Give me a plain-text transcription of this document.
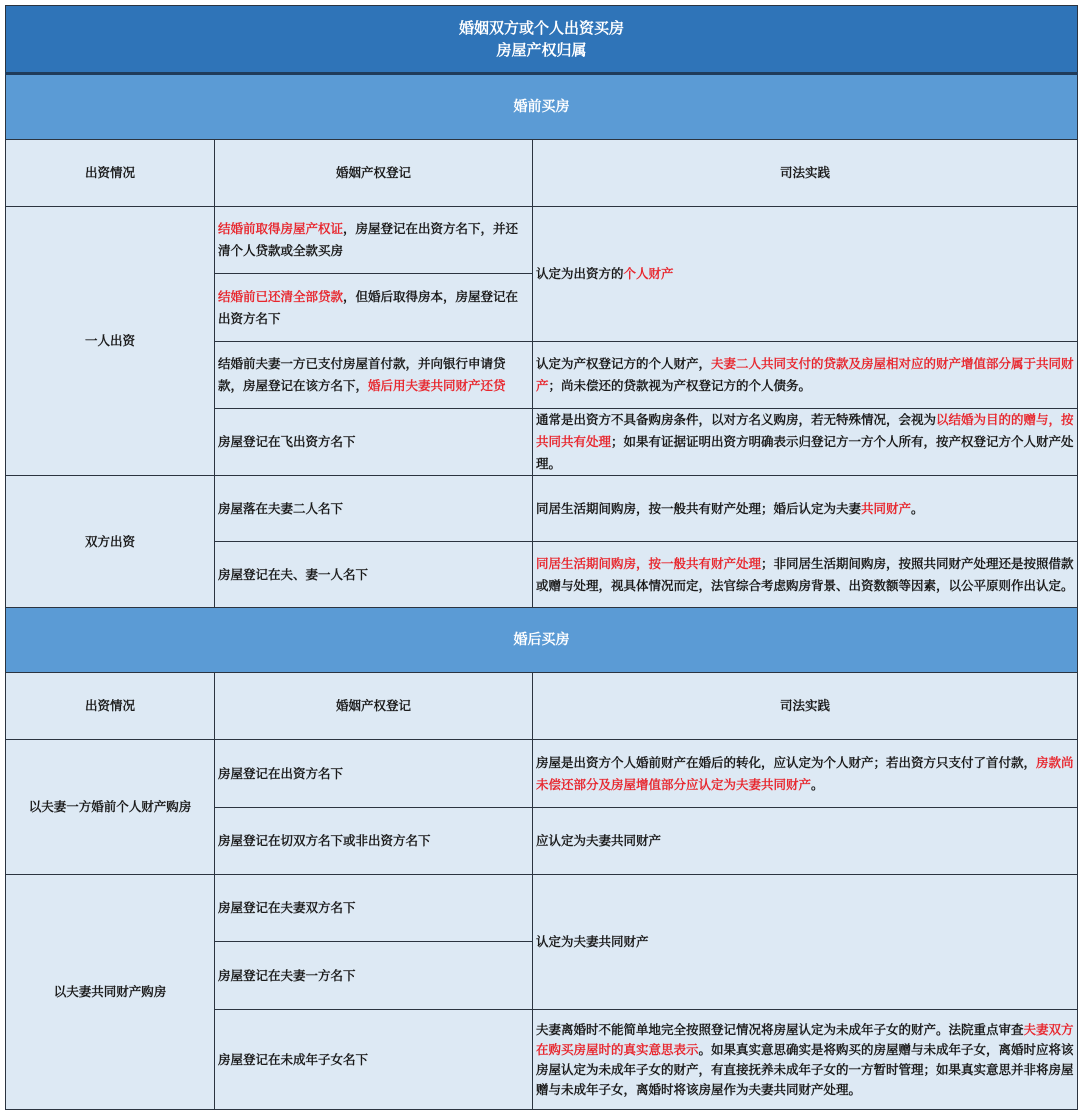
婚姻双方或个人出资买房
房屋产权归属		

婚前买房		
出资情况	婚姻产权登记	司法实践
一人出资	结婚前取得房屋产权证，房屋登记在出资方名下，并还清个人贷款或全款买房	认定为出资方的个人财产
	结婚前已还清全部贷款，但婚后取得房本，房屋登记在出资方名下	
	结婚前夫妻一方已支付房屋首付款，并向银行申请贷款，房屋登记在该方名下，婚后用夫妻共同财产还贷	认定为产权登记方的个人财产，夫妻二人共同支付的贷款及房屋相对应的财产增值部分属于共同财产；尚未偿还的贷款视为产权登记方的个人债务。
	房屋登记在飞出资方名下	通常是出资方不具备购房条件，以对方名义购房，若无特殊情况，会视为以结婚为目的的赠与，按共同共有处理；如果有证据证明出资方明确表示归登记方一方个人所有，按产权登记方个人财产处理。
双方出资	房屋落在夫妻二人名下	同居生活期间购房，按一般共有财产处理；婚后认定为夫妻共同财产。
	房屋登记在夫、妻一人名下	同居生活期间购房，按一般共有财产处理；非同居生活期间购房，按照共同财产处理还是按照借款或赠与处理，视具体情况而定，法官综合考虑购房背景、出资数额等因素，以公平原则作出认定。
婚后买房		
出资情况	婚姻产权登记	司法实践
以夫妻一方婚前个人财产购房	房屋登记在出资方名下	房屋是出资方个人婚前财产在婚后的转化，应认定为个人财产；若出资方只支付了首付款，房款尚未偿还部分及房屋增值部分应认定为夫妻共同财产。
	房屋登记在切双方名下或非出资方名下	应认定为夫妻共同财产
以夫妻共同财产购房	房屋登记在夫妻双方名下	认定为夫妻共同财产
	房屋登记在夫妻一方名下	
	房屋登记在未成年子女名下	夫妻离婚时不能简单地完全按照登记情况将房屋认定为未成年子女的财产。法院重点审查夫妻双方在购买房屋时的真实意思表示。如果真实意思确实是将购买的房屋赠与未成年子女，离婚时应将该房屋认定为未成年子女的财产，有直接抚养未成年子女的一方暂时管理；如果真实意思并非将房屋赠与未成年子女，离婚时将该房屋作为夫妻共同财产处理。
